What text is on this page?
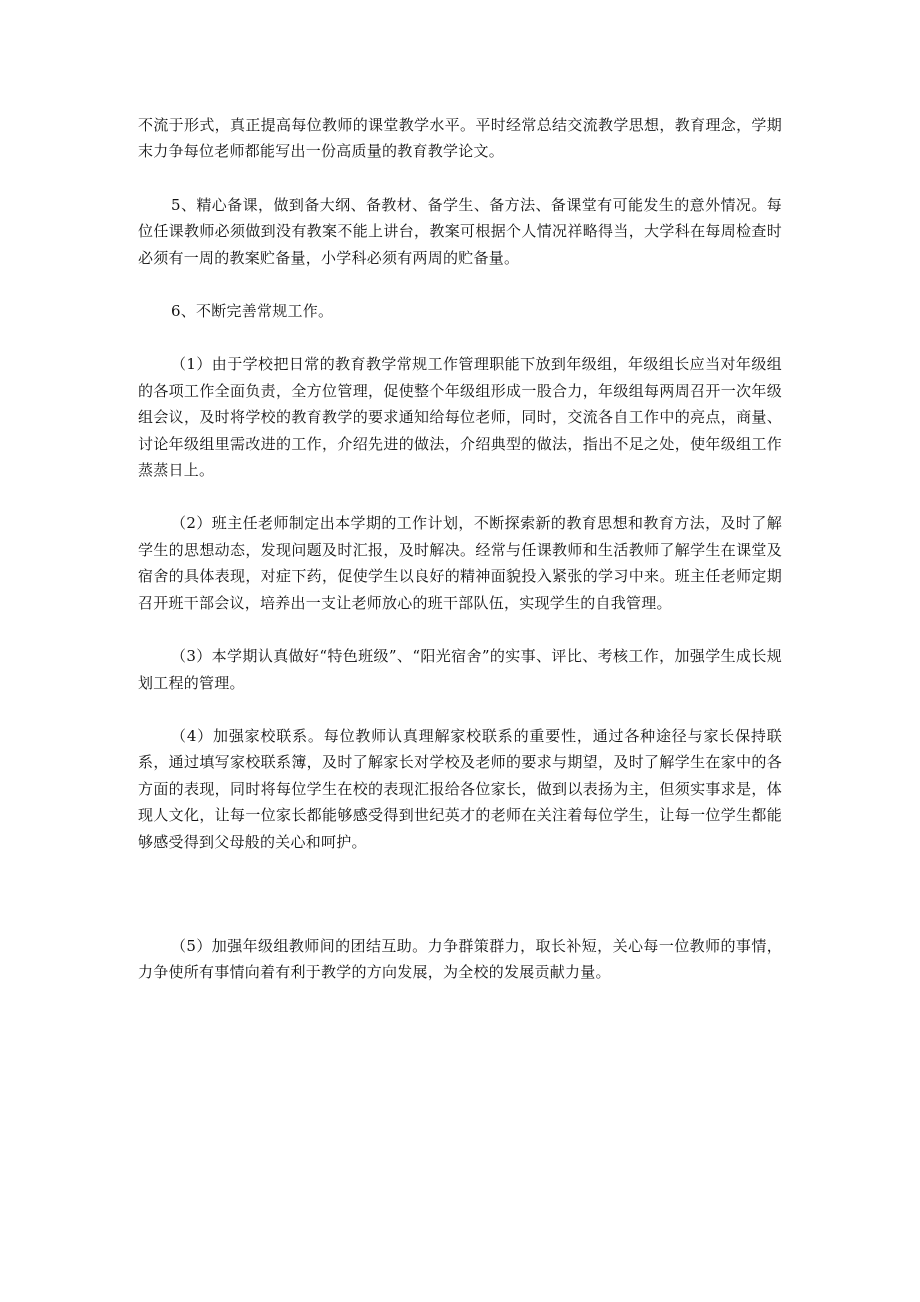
不流于形式，真正提高每位教师的课堂教学水平。平时经常总结交流教学思想，教育理念，学期末力争每位老师都能写出一份高质量的教育教学论文。

5、精心备课，做到备大纲、备教材、备学生、备方法、备课堂有可能发生的意外情况。每位任课教师必须做到没有教案不能上讲台，教案可根据个人情况祥略得当，大学科在每周检查时必须有一周的教案贮备量，小学科必须有两周的贮备量。

6、不断完善常规工作。

（1）由于学校把日常的教育教学常规工作管理职能下放到年级组，年级组长应当对年级组的各项工作全面负责，全方位管理，促使整个年级组形成一股合力，年级组每两周召开一次年级组会议，及时将学校的教育教学的要求通知给每位老师，同时，交流各自工作中的亮点，商量、讨论年级组里需改进的工作，介绍先进的做法，介绍典型的做法，指出不足之处，使年级组工作蒸蒸日上。

（2）班主任老师制定出本学期的工作计划，不断探索新的教育思想和教育方法，及时了解学生的思想动态，发现问题及时汇报，及时解决。经常与任课教师和生活教师了解学生在课堂及宿舍的具体表现，对症下药，促使学生以良好的精神面貌投入紧张的学习中来。班主任老师定期召开班干部会议，培养出一支让老师放心的班干部队伍，实现学生的自我管理。

（3）本学期认真做好“特色班级”、“阳光宿舍”的实事、评比、考核工作，加强学生成长规划工程的管理。

（4）加强家校联系。每位教师认真理解家校联系的重要性，通过各种途径与家长保持联系，通过填写家校联系簿，及时了解家长对学校及老师的要求与期望，及时了解学生在家中的各方面的表现，同时将每位学生在校的表现汇报给各位家长，做到以表扬为主，但须实事求是，体现人文化，让每一位家长都能够感受得到世纪英才的老师在关注着每位学生，让每一位学生都能够感受得到父母般的关心和呵护。

（5）加强年级组教师间的团结互助。力争群策群力，取长补短，关心每一位教师的事情，力争使所有事情向着有利于教学的方向发展，为全校的发展贡献力量。
